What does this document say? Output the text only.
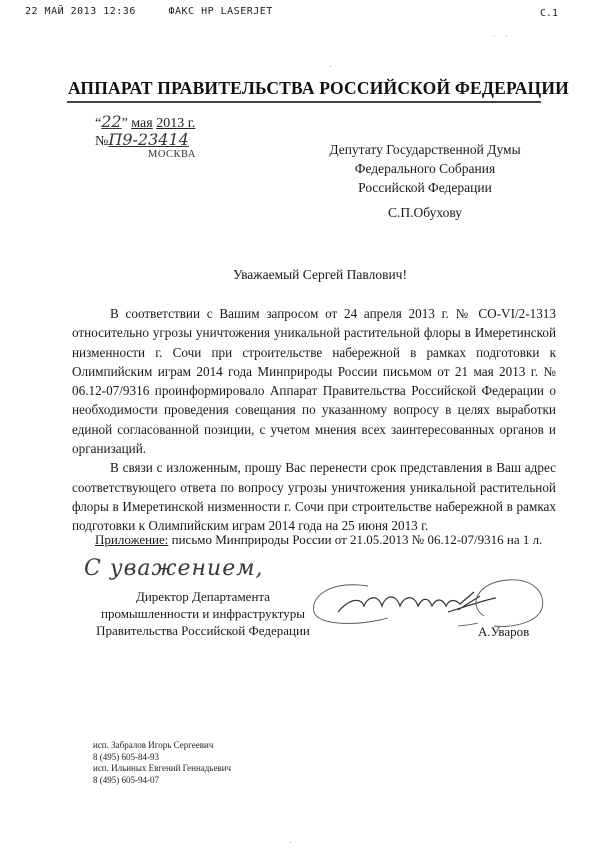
22 МАЙ 2013 12:36	ФАКС HP LASERJET	C.1
АППАРАТ ПРАВИТЕЛЬСТВА РОССИЙСКОЙ ФЕДЕРАЦИИ
“22” мая 2013 г.
№П9-23414
МОСКВА	Депутату Государственной Думы
Федерального Собрания
Российской Федерации
С.П.Обухову
Уважаемый Сергей Павлович!

В соответствии с Вашим запросом от 24 апреля 2013 г. № СО-VI/2-1313 относительно угрозы уничтожения уникальной растительной флоры в Имеретинской низменности г. Сочи при строительстве набережной в рамках подготовки к Олимпийским играм 2014 года Минприроды России письмом от 21 мая 2013 г. № 06.12-07/9316 проинформировало Аппарат Правительства Российской Федерации о необходимости проведения совещания по указанному вопросу в целях выработки единой согласованной позиции, с учетом мнения всех заинтересованных органов и организаций.

В связи с изложенным, прошу Вас перенести срок представления в Ваш адрес соответствующего ответа по вопросу угрозы уничтожения уникальной растительной флоры в Имеретинской низменности г. Сочи при строительстве набережной в рамках подготовки к Олимпийским играм 2014 года на 25 июня 2013 г.

Приложение: письмо Минприроды России от 21.05.2013 № 06.12-07/9316 на 1 л.
С уважением,
Директор Департамента
промышленности и инфраструктуры
Правительства Российской Федерации	А.Уваров
исп. Забралов Игорь Сергеевич
8 (495) 605-84-93
исп. Ильиных Евгений Геннадьевич
8 (495) 605-94-07
